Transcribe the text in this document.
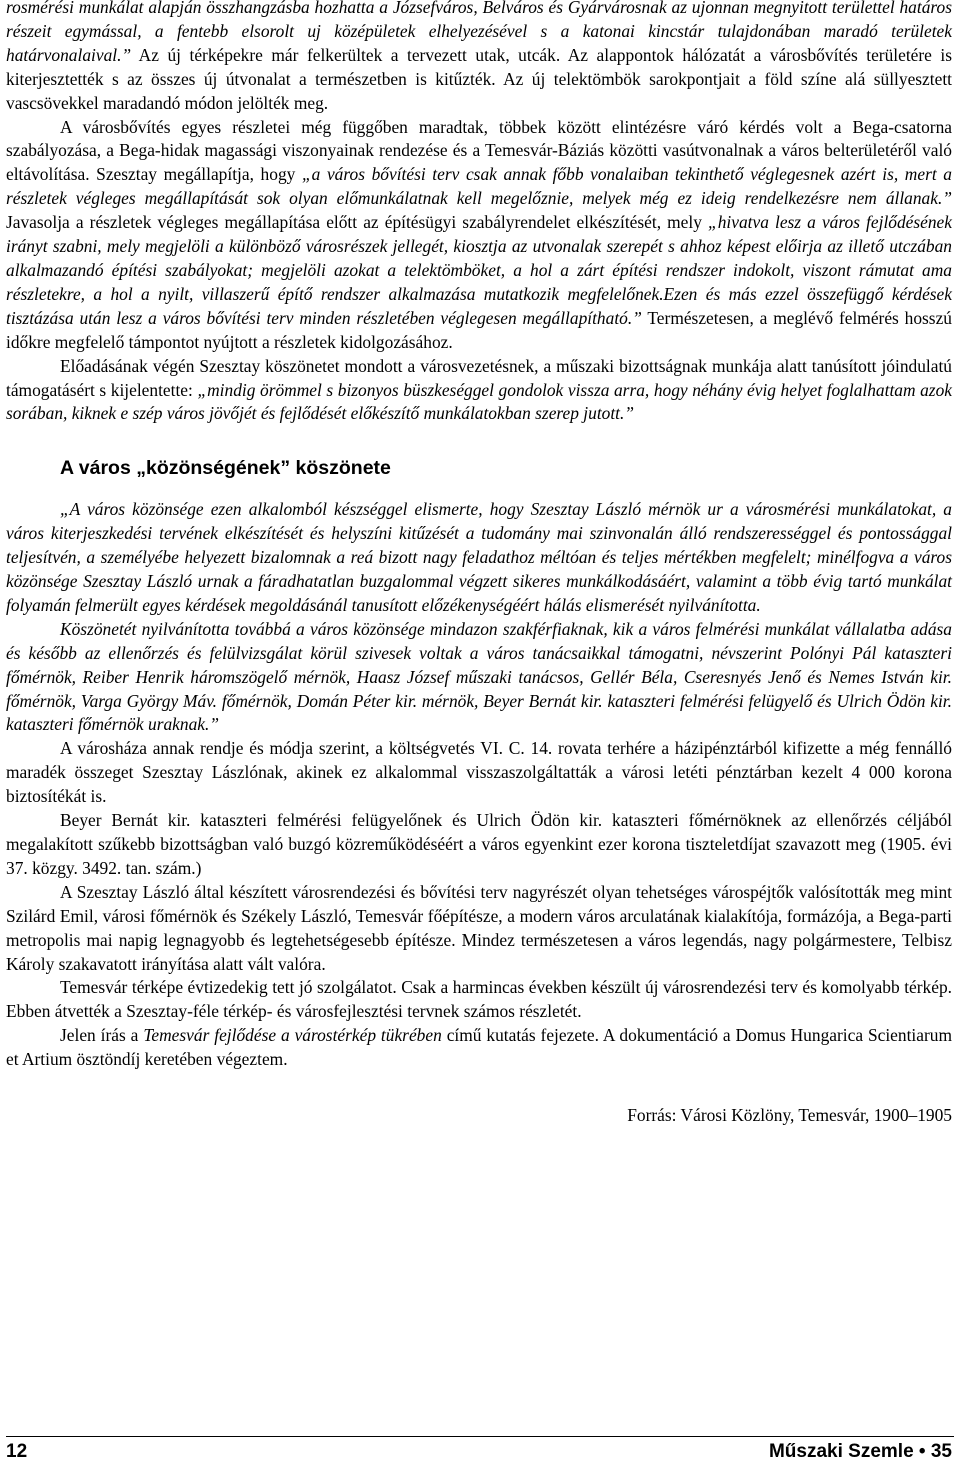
rosmérési munkálat alapján összhangzásba hozhatta a Józsefváros, Belváros és Gyárvárosnak az ujonnan megnyitott területtel határos részeit egymással, a fentebb elsorolt uj középületek elhelyezésével s a katonai kincstár tulajdonában maradó területek határvonalaival.” Az új térképekre már felkerültek a tervezett utak, utcák. Az alappontok hálózatát a városbővítés területére is kiterjesztették s az összes új útvonalat a természetben is kitűzték. Az új telektömbök sarokpontjait a föld színe alá süllyesztett vascsövekkel maradandó módon jelölték meg.

A városbővítés egyes részletei még függőben maradtak, többek között elintézésre váró kérdés volt a Bega-csatorna szabályozása, a Bega-hidak magassági viszonyainak rendezése és a Temesvár-Báziás közötti vasútvonalnak a város belterületéről való eltávolítása. Szesztay megállapítja, hogy „a város bővítési terv csak annak főbb vonalaiban tekinthető véglegesnek azért is, mert a részletek végleges megállapítását sok olyan előmunkálatnak kell megelőznie, melyek még ez ideig rendelkezésre nem állanak.” Javasolja a részletek végleges megállapítása előtt az építésügyi szabályrendelet elkészítését, mely „hivatva lesz a város fejlődésének irányt szabni, mely megjelöli a különböző városrészek jellegét, kiosztja az utvonalak szerepét s ahhoz képest előirja az illető utczában alkalmazandó építési szabályokat; megjelöli azokat a telektömböket, a hol a zárt építési rendszer indokolt, viszont rámutat ama részletekre, a hol a nyilt, villaszerű építő rendszer alkalmazása mutatkozik megfelelőnek.Ezen és más ezzel összefüggő kérdések tisztázása után lesz a város bővítési terv minden részletében véglegesen megállapítható.” Természetesen, a meglévő felmérés hosszú időkre megfelelő támpontot nyújtott a részletek kidolgozásához.

Előadásának végén Szesztay köszönetet mondott a városvezetésnek, a műszaki bizottságnak munkája alatt tanúsított jóindulatú támogatásért s kijelentette: „mindig örömmel s bizonyos büszkeséggel gondolok vissza arra, hogy néhány évig helyet foglalhattam azok sorában, kiknek e szép város jövőjét és fejlődését előkészítő munkálatokban szerep jutott.”

A város „közönségének” köszönete

„A város közönsége ezen alkalomból készséggel elismerte, hogy Szesztay László mérnök ur a városmérési munkálatokat, a város kiterjeszkedési tervének elkészítését és helyszíni kitűzését a tudomány mai szinvonalán álló rendszerességgel és pontossággal teljesítvén, a személyébe helyezett bizalomnak a reá bizott nagy feladathoz méltóan és teljes mértékben megfelelt; minélfogva a város közönsége Szesztay László urnak a fáradhatatlan buzgalommal végzett sikeres munkálkodásáért, valamint a több évig tartó munkálat folyamán felmerült egyes kérdések megoldásánál tanusított előzékenységéért hálás elismerését nyilvánította.

Köszönetét nyilvánította továbbá a város közönsége mindazon szakférfiaknak, kik a város felmérési munkálat vállalatba adása és később az ellenőrzés és felülvizsgálat körül szivesek voltak a város tanácsaikkal támogatni, névszerint Polónyi Pál kataszteri főmérnök, Reiber Henrik háromszögelő mérnök, Haasz József műszaki tanácsos, Gellér Béla, Cseresnyés Jenő és Nemes István kir. főmérnök, Varga György Máv. főmérnök, Domán Péter kir. mérnök, Beyer Bernát kir. kataszteri felmérési felügyelő és Ulrich Ödön kir. kataszteri főmérnök uraknak.”

A városháza annak rendje és módja szerint, a költségvetés VI. C. 14. rovata terhére a házipénztárból kifizette a még fennálló maradék összeget Szesztay Lászlónak, akinek ez alkalommal visszaszolgáltatták a városi letéti pénztárban kezelt 4 000 korona biztosítékát is.

Beyer Bernát kir. kataszteri felmérési felügyelőnek és Ulrich Ödön kir. kataszteri főmérnöknek az ellenőrzés céljából megalakított szűkebb bizottságban való buzgó közreműködéséért a város egyenkint ezer korona tiszteletdíjat szavazott meg (1905. évi 37. közgy. 3492. tan. szám.)

A Szesztay László által készített városrendezési és bővítési terv nagyrészét olyan tehetséges várospéjtők valósították meg mint Szilárd Emil, városi főmérnök és Székely László, Temesvár főépítésze, a modern város arculatának kialakítója, formázója, a Bega-parti metropolis mai napig legnagyobb és legtehetségesebb építésze. Mindez természetesen a város legendás, nagy polgármestere, Telbisz Károly szakavatott irányítása alatt vált valóra.

Temesvár térképe évtizedekig tett jó szolgálatot. Csak a harmincas években készült új városrendezési terv és komolyabb térkép. Ebben átvették a Szesztay-féle térkép- és városfejlesztési tervnek számos részletét.

Jelen írás a Temesvár fejlődése a várostérkép tükrében című kutatás fejezete. A dokumentáció a Domus Hungarica Scientiarum et Artium ösztöndíj keretében végeztem.

Forrás: Városi Közlöny, Temesvár, 1900–1905

12	Műszaki Szemle • 35
